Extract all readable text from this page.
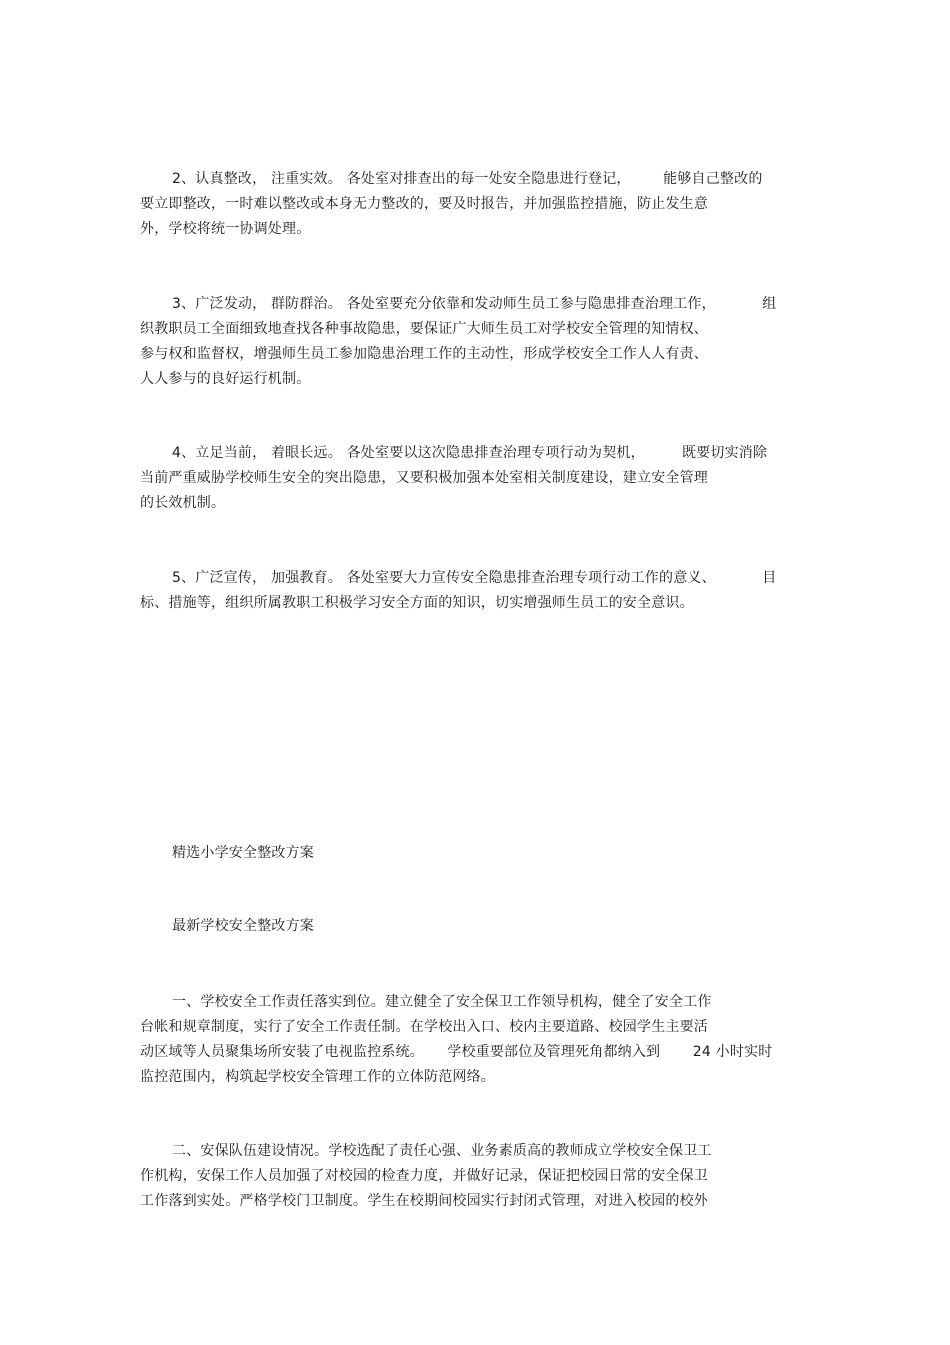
2、认真整改， 注重实效。 各处室对排查出的每一处安全隐患进行登记，       能够自己整改的
要立即整改，一时难以整改或本身无力整改的，要及时报告，并加强监控措施，防止发生意
外，学校将统一协调处理。
3、广泛发动， 群防群治。 各处室要充分依靠和发动师生员工参与隐患排查治理工作，          组
织教职员工全面细致地查找各种事故隐患，要保证广大师生员工对学校安全管理的知情权、
参与权和监督权，增强师生员工参加隐患治理工作的主动性，形成学校安全工作人人有责、
人人参与的良好运行机制。
4、立足当前， 着眼长远。 各处室要以这次隐患排查治理专项行动为契机，        既要切实消除
当前严重威胁学校师生安全的突出隐患，又要积极加强本处室相关制度建设，建立安全管理
的长效机制。
5、广泛宣传， 加强教育。 各处室要大力宣传安全隐患排查治理专项行动工作的意义、          目
标、措施等，组织所属教职工积极学习安全方面的知识，切实增强师生员工的安全意识。
精选小学安全整改方案
最新学校安全整改方案
一、学校安全工作责任落实到位。建立健全了安全保卫工作领导机构，健全了安全工作
台帐和规章制度，实行了安全工作责任制。在学校出入口、校内主要道路、校园学生主要活
动区域等人员聚集场所安装了电视监控系统。     学校重要部位及管理死角都纳入到       24 小时实时
监控范围内，构筑起学校安全管理工作的立体防范网络。
二、安保队伍建设情况。学校选配了责任心强、业务素质高的教师成立学校安全保卫工
作机构，安保工作人员加强了对校园的检查力度，并做好记录，保证把校园日常的安全保卫
工作落到实处。严格学校门卫制度。学生在校期间校园实行封闭式管理，对进入校园的校外
